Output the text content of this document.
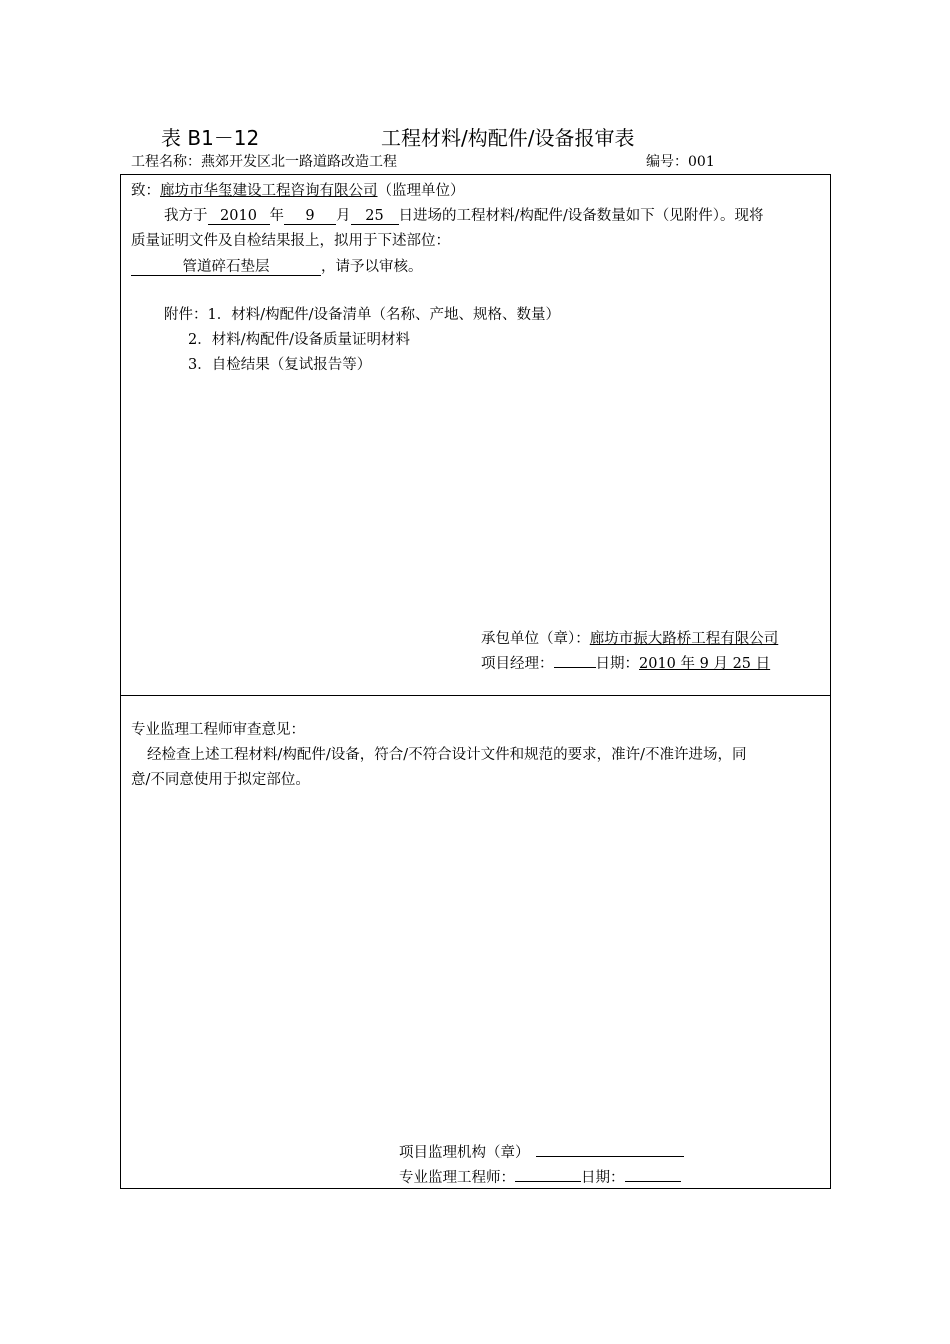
表 B1－12	工程材料/构配件/设备报审表
工程名称：燕郊开发区北一路道路改造工程	编号：001
致：廊坊市华玺建设工程咨询有限公司（监理单位）
我方于 2010 年 9 月 25 日进场的工程材料/构配件/设备数量如下（见附件）。现将
质量证明文件及自检结果报上，拟用于下述部位：
管道碎石垫层	，请予以审核。
附件：1．材料/构配件/设备清单（名称、产地、规格、数量）
2．材料/构配件/设备质量证明材料
3．自检结果（复试报告等）
承包单位（章）：廊坊市振大路桥工程有限公司
项目经理：	日期：2010 年 9 月 25 日
专业监理工程师审查意见：
经检查上述工程材料/构配件/设备，符合/不符合设计文件和规范的要求，准许/不准许进场，同
意/不同意使用于拟定部位。
项目监理机构（章）
专业监理工程师：	日期：
